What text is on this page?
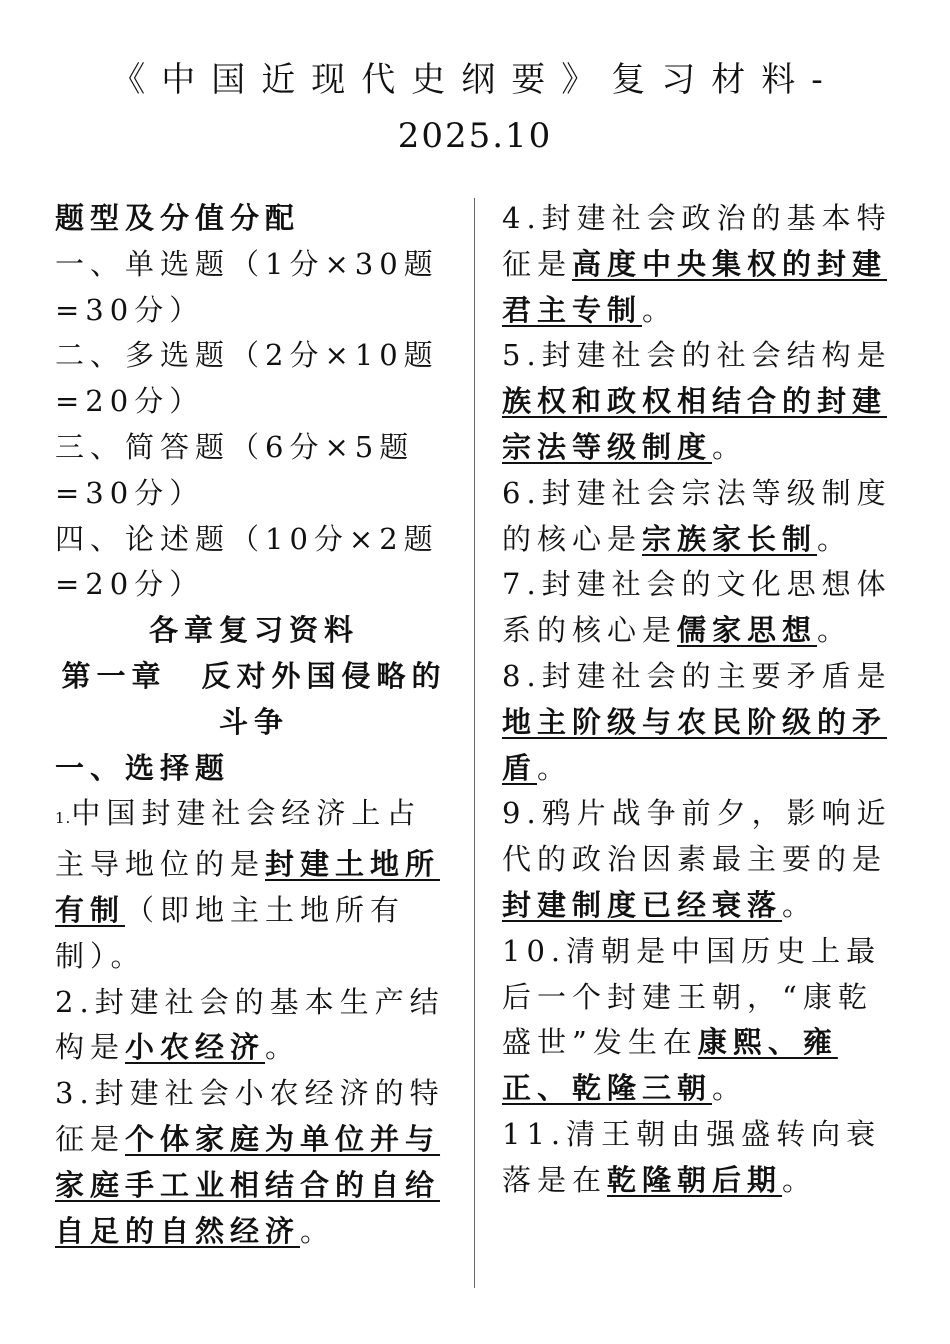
《中国近现代史纲要》复习材料-
2025.10

题型及分值分配

一、单选题（1分×30题=30分）

二、多选题（2分×10题=20分）

三、简答题（6分×5题=30分）

四、论述题（10分×2题=20分）

各章复习资料

第一章　反对外国侵略的斗争

一、选择题

1.中国封建社会经济上占主导地位的是封建土地所有制（即地主土地所有制）。

2.封建社会的基本生产结构是小农经济。

3.封建社会小农经济的特征是个体家庭为单位并与家庭手工业相结合的自给自足的自然经济。

4.封建社会政治的基本特征是高度中央集权的封建君主专制。

5.封建社会的社会结构是族权和政权相结合的封建宗法等级制度。

6.封建社会宗法等级制度的核心是宗族家长制。

7.封建社会的文化思想体系的核心是儒家思想。

8.封建社会的主要矛盾是地主阶级与农民阶级的矛盾。

9.鸦片战争前夕，影响近代的政治因素最主要的是封建制度已经衰落。

10.清朝是中国历史上最后一个封建王朝，“康乾盛世”发生在康熙、雍正、乾隆三朝。

11.清王朝由强盛转向衰落是在乾隆朝后期。
